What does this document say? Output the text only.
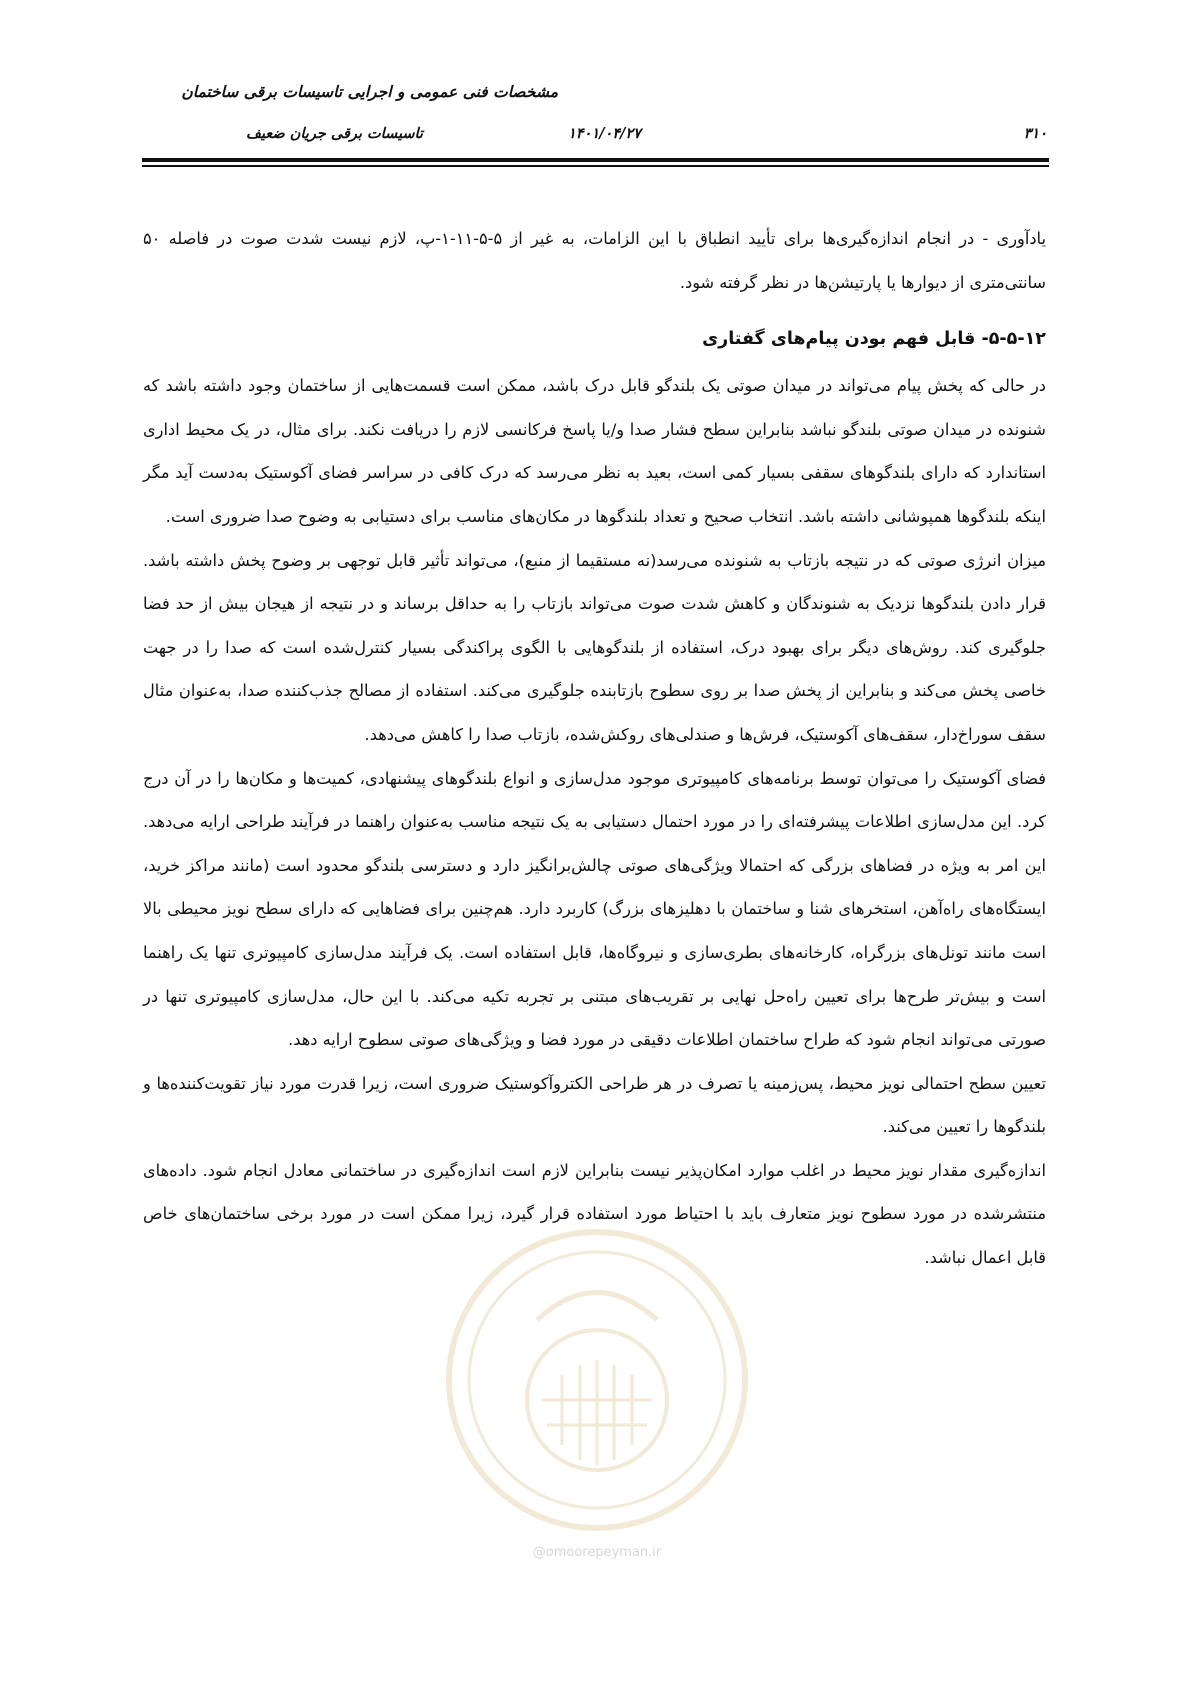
مشخصات فنی عمومی و اجرایی تاسیسات برقی ساختمان
تاسیسات برقی جریان ضعیف	۱۴۰۱/۰۴/۲۷	۳۱۰
@omoorepeyman.ir

یادآوری - در انجام اندازه‌گیری‌ها برای تأیید انطباق با این الزامات، به غیر از ۵-۵-۱۱-۱-پ، لازم نیست شدت صوت در فاصله ۵۰ سانتی‌متری از دیوارها یا پارتیشن‌ها در نظر گرفته شود.

۵-۵-۱۲- قابل فهم بودن پیام‌های گفتاری

در حالی که پخش پیام می‌تواند در میدان صوتی یک بلندگو قابل درک باشد، ممکن است قسمت‌هایی از ساختمان وجود داشته باشد که شنونده در میدان صوتی بلندگو نباشد بنابراین سطح فشار صدا و/یا پاسخ فرکانسی لازم را دریافت نکند. برای مثال، در یک محیط اداری استاندارد که دارای بلندگوهای سقفی بسیار کمی است، بعید به نظر می‌رسد که درک کافی در سراسر فضای آکوستیک به‌دست آید مگر اینکه بلندگوها همپوشانی داشته باشد. انتخاب صحیح و تعداد بلندگوها در مکان‌های مناسب برای دستیابی به وضوح صدا ضروری است.

میزان انرژی صوتی که در نتیجه بازتاب به شنونده می‌رسد(نه مستقیما از منبع)، می‌تواند تأثیر قابل توجهی بر وضوح پخش داشته باشد. قرار دادن بلندگوها نزدیک به شنوندگان و کاهش شدت صوت می‌تواند بازتاب را به حداقل برساند و در نتیجه از هیجان بیش از حد فضا جلوگیری کند. روش‌های دیگر برای بهبود درک، استفاده از بلندگوهایی با الگوی پراکندگی بسیار کنترل‌شده است که صدا را در جهت خاصی پخش می‌کند و بنابراین از پخش صدا بر روی سطوح بازتابنده جلوگیری می‌کند. استفاده از مصالح جذب‌کننده صدا، به‌عنوان مثال سقف سوراخ‌دار، سقف‌های آکوستیک، فرش‌ها و صندلی‌های روکش‌شده، بازتاب صدا را کاهش می‌دهد.

فضای آکوستیک را می‌توان توسط برنامه‌های کامپیوتری موجود مدل‌سازی و انواع بلندگوهای پیشنهادی، کمیت‌ها و مکان‌ها را در آن درج کرد. این مدل‌سازی اطلاعات پیشرفته‌ای را در مورد احتمال دستیابی به یک نتیجه مناسب به‌عنوان راهنما در فرآیند طراحی ارایه می‌دهد. این امر به ویژه در فضاهای بزرگی که احتمالا ویژگی‌های صوتی چالش‌برانگیز دارد و دسترسی بلندگو محدود است (مانند مراکز خرید، ایستگاه‌های راه‌آهن، استخرهای شنا و ساختمان با دهلیزهای بزرگ) کاربرد دارد. هم‌چنین برای فضاهایی که دارای سطح نویز محیطی بالا است مانند تونل‌های بزرگراه، کارخانه‌های بطری‌سازی و نیروگاه‌ها، قابل استفاده است. یک فرآیند مدل‌سازی کامپیوتری تنها یک راهنما است و بیش‌تر طرح‌ها برای تعیین راه‌حل نهایی بر تقریب‌های مبتنی بر تجربه تکیه می‌کند. با این حال، مدل‌سازی کامپیوتری تنها در صورتی می‌تواند انجام شود که طراح ساختمان اطلاعات دقیقی در مورد فضا و ویژگی‌های صوتی سطوح ارایه دهد.

تعیین سطح احتمالی نویز محیط، پس‌زمینه یا تصرف در هر طراحی الکتروآکوستیک ضروری است، زیرا قدرت مورد نیاز تقویت‌کننده‌ها و بلندگوها را تعیین می‌کند.

اندازه‌گیری مقدار نویز محیط در اغلب موارد امکان‌پذیر نیست بنابراین لازم است اندازه‌گیری در ساختمانی معادل انجام شود. داده‌های منتشرشده در مورد سطوح نویز متعارف باید با احتیاط مورد استفاده قرار گیرد، زیرا ممکن است در مورد برخی ساختمان‌های خاص قابل اعمال نباشد.
